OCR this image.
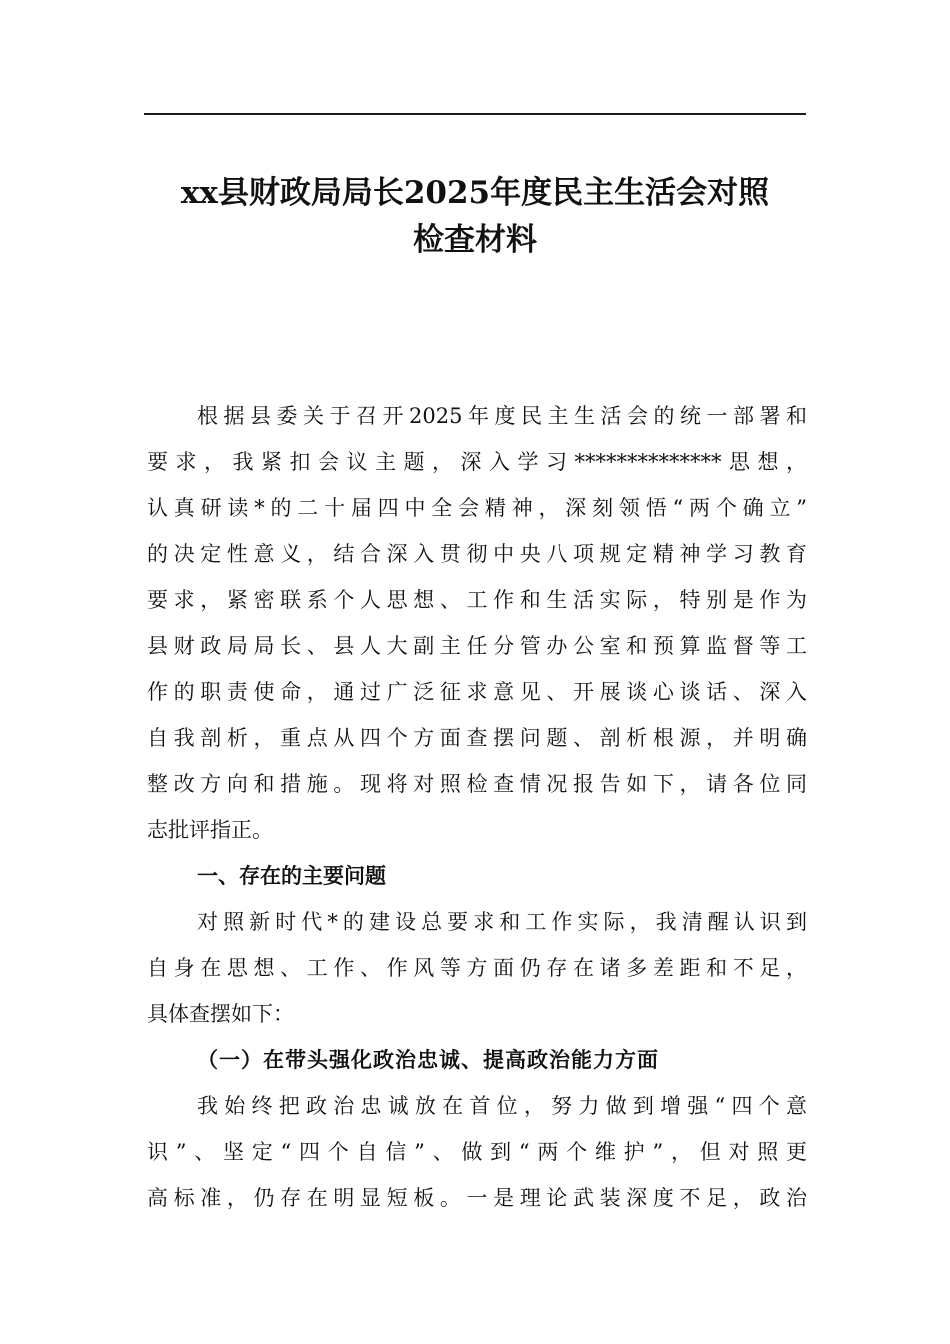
xx县财政局局长2025年度民主生活会对照
检查材料
根据县委关于召开2025年度民主生活会的统一部署和
要求，我紧扣会议主题，深入学习**************思想，
认真研读*的二十届四中全会精神，深刻领悟“两个确立”
的决定性意义，结合深入贯彻中央八项规定精神学习教育
要求，紧密联系个人思想、工作和生活实际，特别是作为
县财政局局长、县人大副主任分管办公室和预算监督等工
作的职责使命，通过广泛征求意见、开展谈心谈话、深入
自我剖析，重点从四个方面查摆问题、剖析根源，并明确
整改方向和措施。现将对照检查情况报告如下，请各位同
志批评指正。
一、存在的主要问题
对照新时代*的建设总要求和工作实际，我清醒认识到
自身在思想、工作、作风等方面仍存在诸多差距和不足，
具体查摆如下：
（一）在带头强化政治忠诚、提高政治能力方面
我始终把政治忠诚放在首位，努力做到增强“四个意
识”、坚定“四个自信”、做到“两个维护”，但对照更
高标准，仍存在明显短板。一是理论武装深度不足，政治
